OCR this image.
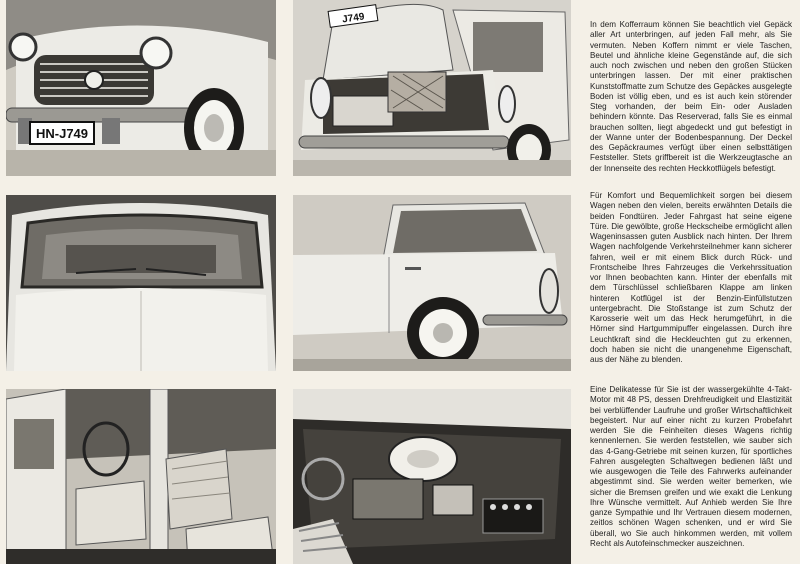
HN-J749
J749	In dem Kofferraum können Sie beachtlich viel Gepäck aller Art unterbringen, auf jeden Fall mehr, als Sie vermuten. Neben Koffern nimmt er viele Taschen, Beutel und ähnliche kleine Gegenstände auf, die sich auch noch zwischen und neben den großen Stücken unterbringen lassen. Der mit einer praktischen Kunststoffmatte zum Schutze des Gepäckes ausgelegte Boden ist völlig eben, und es ist auch kein störender Steg vorhanden, der beim Ein- oder Ausladen behindern könnte. Das Reserverad, falls Sie es einmal brauchen sollten, liegt abgedeckt und gut befestigt in der Wanne unter der Bodenbespannung. Der Deckel des Gepäckraumes verfügt über einen selbsttätigen Feststeller. Stets griffbereit ist die Werkzeugtasche an der Innenseite des rechten Heckkotflügels befestigt.

Für Komfort und Bequemlichkeit sorgen bei diesem Wagen neben den vielen, bereits erwähnten Details die beiden Fondtüren. Jeder Fahrgast hat seine eigene Türe. Die gewölbte, große Heckscheibe ermöglicht allen Wageninsassen guten Ausblick nach hinten. Der Ihrem Wagen nachfolgende Verkehrsteilnehmer kann sicherer fahren, weil er mit einem Blick durch Rück- und Frontscheibe Ihres Fahrzeuges die Verkehrssituation vor Ihnen beobachten kann. Hinter der ebenfalls mit dem Türschlüssel schließbaren Klappe am linken hinteren Kotflügel ist der Benzin-Einfüllstutzen untergebracht. Die Stoßstange ist zum Schutz der Karosserie weit um das Heck herumgeführt, in die Hörner sind Hartgummipuffer eingelassen. Durch ihre Leuchtkraft sind die Heckleuchten gut zu erkennen, doch haben sie nicht die unangenehme Eigenschaft, aus der Nähe zu blenden.

Eine Delikatesse für Sie ist der wassergekühlte 4-Takt-Motor mit 48 PS, dessen Drehfreudigkeit und Elastizität bei verblüffender Laufruhe und großer Wirtschaftlichkeit begeistert. Nur auf einer nicht zu kurzen Probefahrt werden Sie die Feinheiten dieses Wagens richtig kennenlernen. Sie werden feststellen, wie sauber sich das 4-Gang-Getriebe mit seinen kurzen, für sportliches Fahren ausgelegten Schaltwegen bedienen läßt und wie ausgewogen die Teile des Fahrwerks aufeinander abgestimmt sind. Sie werden weiter bemerken, wie sicher die Bremsen greifen und wie exakt die Lenkung Ihre Wünsche vermittelt. Auf Anhieb werden Sie Ihre ganze Sympathie und Ihr Vertrauen diesem modernen, zeitlos schönen Wagen schenken, und er wird Sie überall, wo Sie auch hinkommen werden, mit vollem Recht als Autofeinschmecker auszeichnen.
